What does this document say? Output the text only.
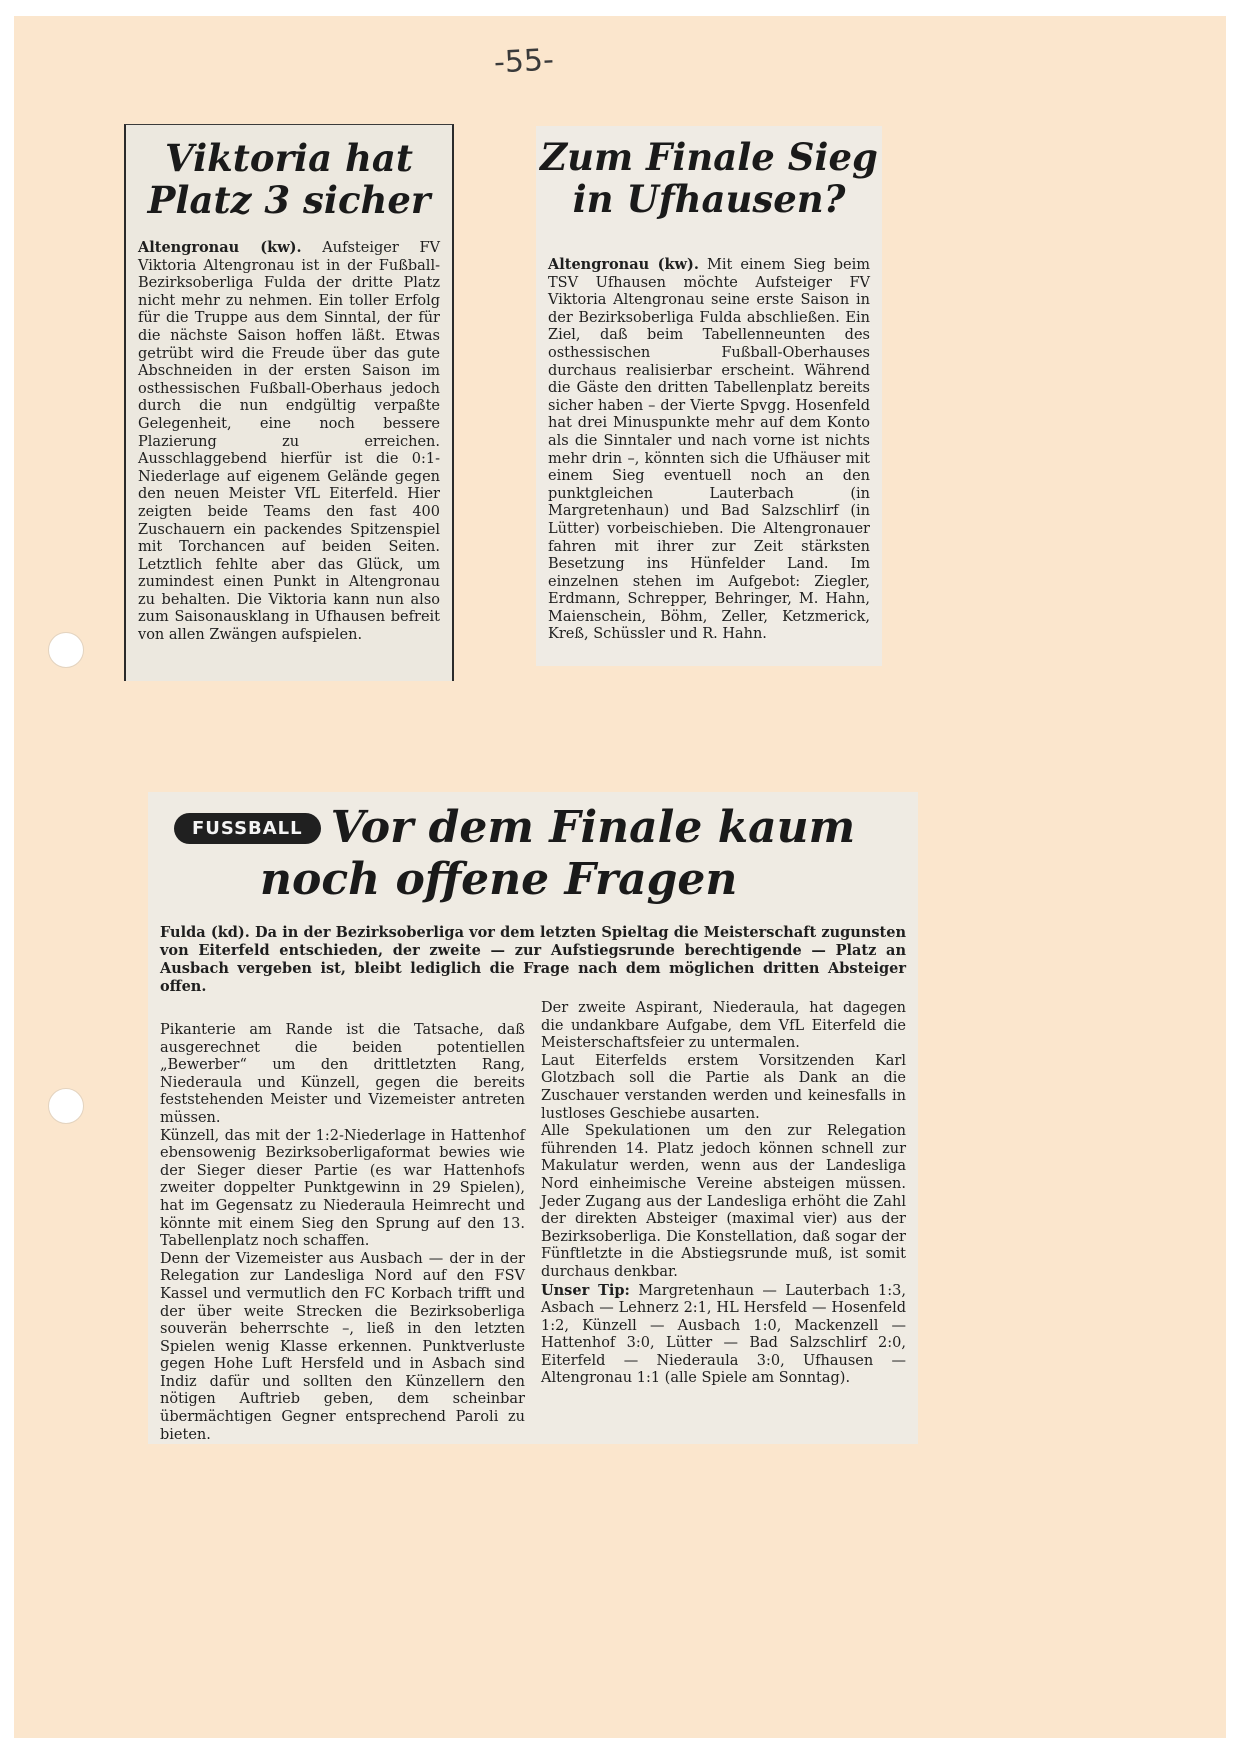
-55-
Viktoria hat
Platz 3 sicher

Altengronau (kw). Aufsteiger FV Viktoria Altengronau ist in der Fußball-Bezirksoberliga Fulda der dritte Platz nicht mehr zu nehmen. Ein toller Erfolg für die Truppe aus dem Sinntal, der für die nächste Saison hoffen läßt. Etwas getrübt wird die Freude über das gute Abschneiden in der ersten Saison im osthessischen Fußball-Oberhaus jedoch durch die nun endgültig verpaßte Gelegenheit, eine noch bessere Plazierung zu erreichen. Ausschlaggebend hierfür ist die 0:1-Niederlage auf eigenem Gelände gegen den neuen Meister VfL Eiterfeld. Hier zeigten beide Teams den fast 400 Zuschauern ein packendes Spitzenspiel mit Torchancen auf beiden Seiten. Letztlich fehlte aber das Glück, um zumindest einen Punkt in Altengronau zu behalten. Die Viktoria kann nun also zum Saisonausklang in Ufhausen befreit von allen Zwängen aufspielen.

Zum Finale Sieg
in Ufhausen?

Altengronau (kw). Mit einem Sieg beim TSV Ufhausen möchte Aufsteiger FV Viktoria Altengronau seine erste Saison in der Bezirksoberliga Fulda abschließen. Ein Ziel, daß beim Tabellenneunten des osthessischen Fußball-Oberhauses durchaus realisierbar erscheint. Während die Gäste den dritten Tabellenplatz bereits sicher haben – der Vierte Spvgg. Hosenfeld hat drei Minuspunkte mehr auf dem Konto als die Sinntaler und nach vorne ist nichts mehr drin –, könnten sich die Ufhäuser mit einem Sieg eventuell noch an den punktgleichen Lauterbach (in Margretenhaun) und Bad Salzschlirf (in Lütter) vorbeischieben. Die Altengronauer fahren mit ihrer zur Zeit stärksten Besetzung ins Hünfelder Land. Im einzelnen stehen im Aufgebot: Ziegler, Erdmann, Schrepper, Behringer, M. Hahn, Maienschein, Böhm, Zeller, Ketzmerick, Kreß, Schüssler und R. Hahn.

FUSSBALL Vor dem Finale kaum
noch offene Fragen

Fulda (kd). Da in der Bezirksoberliga vor dem letzten Spieltag die Meisterschaft zugunsten von Eiterfeld entschieden, der zweite — zur Aufstiegsrunde berechtigende — Platz an Ausbach vergeben ist, bleibt lediglich die Frage nach dem möglichen dritten Absteiger offen.

Pikanterie am Rande ist die Tatsache, daß ausgerechnet die beiden potentiellen „Bewerber“ um den drittletzten Rang, Niederaula und Künzell, gegen die bereits feststehenden Meister und Vizemeister antreten müssen.

Künzell, das mit der 1:2-Niederlage in Hattenhof ebensowenig Bezirksoberligaformat bewies wie der Sieger dieser Partie (es war Hattenhofs zweiter doppelter Punktgewinn in 29 Spielen), hat im Gegensatz zu Niederaula Heimrecht und könnte mit einem Sieg den Sprung auf den 13. Tabellenplatz noch schaffen.

Denn der Vizemeister aus Ausbach — der in der Relegation zur Landesliga Nord auf den FSV Kassel und vermutlich den FC Korbach trifft und der über weite Strecken die Bezirksoberliga souverän beherrschte –, ließ in den letzten Spielen wenig Klasse erkennen. Punktverluste gegen Hohe Luft Hersfeld und in Asbach sind Indiz dafür und sollten den Künzellern den nötigen Auftrieb geben, dem scheinbar übermächtigen Gegner entsprechend Paroli zu bieten.

Der zweite Aspirant, Niederaula, hat dagegen die undankbare Aufgabe, dem VfL Eiterfeld die Meisterschaftsfeier zu untermalen.

Laut Eiterfelds erstem Vorsitzenden Karl Glotzbach soll die Partie als Dank an die Zuschauer verstanden werden und keinesfalls in lustloses Geschiebe ausarten.

Alle Spekulationen um den zur Relegation führenden 14. Platz jedoch können schnell zur Makulatur werden, wenn aus der Landesliga Nord einheimische Vereine absteigen müssen. Jeder Zugang aus der Landesliga erhöht die Zahl der direkten Absteiger (maximal vier) aus der Bezirksoberliga. Die Konstellation, daß sogar der Fünftletzte in die Abstiegsrunde muß, ist somit durchaus denkbar.

Unser Tip: Margretenhaun — Lauterbach 1:3, Asbach — Lehnerz 2:1, HL Hersfeld — Hosenfeld 1:2, Künzell — Ausbach 1:0, Mackenzell — Hattenhof 3:0, Lütter — Bad Salzschlirf 2:0, Eiterfeld — Niederaula 3:0, Ufhausen — Altengronau 1:1 (alle Spiele am Sonntag).
